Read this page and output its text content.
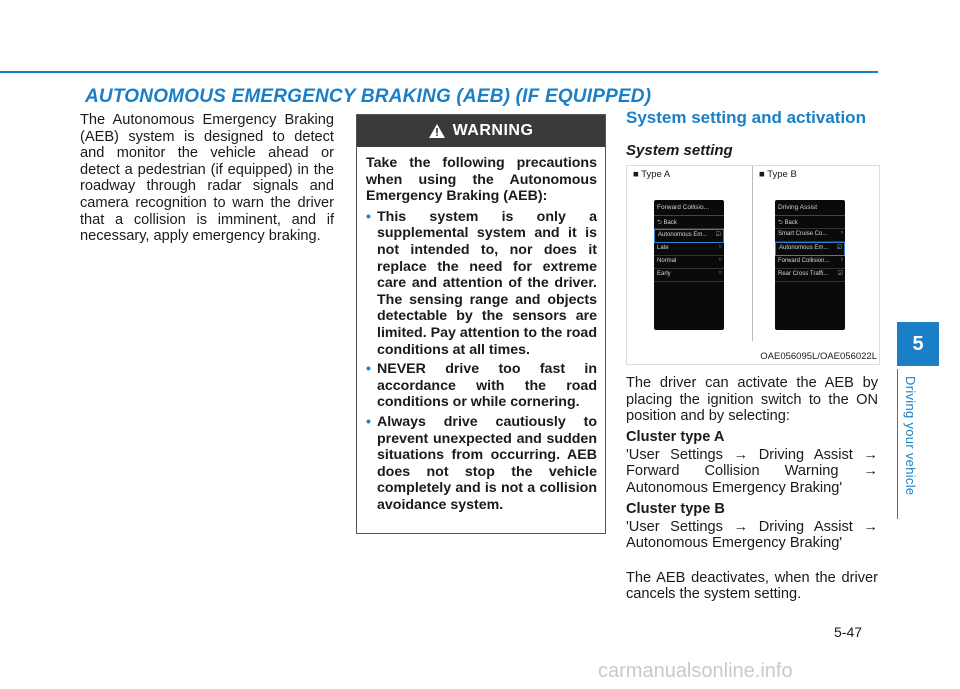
AUTONOMOUS EMERGENCY BRAKING (AEB) (IF EQUIPPED)
The Autonomous Emergency Braking (AEB) system is designed to detect and monitor the vehicle ahead or detect a pedestrian (if equipped) in the roadway through radar signals and camera recognition to warn the driver that a collision is imminent, and if necessary, apply emergency braking.
WARNING

Take the following precautions when using the Autonomous Emergency Braking (AEB):

• This system is only a supplemental system and it is not intended to, nor does it replace the need for extreme care and attention of the driver. The sensing range and objects detectable by the sensors are limited. Pay attention to the road conditions at all times.
• NEVER drive too fast in accordance with the road conditions or while cornering.
• Always drive cautiously to prevent unexpected and sudden situations from occurring. AEB does not stop the vehicle completely and is not a collision avoidance system.
System setting and activation
System setting
■ Type A	■ Type B
Forward Collisio...
⮌ Back
Autonomous Em... ☑
Late	○
Normal	○
Early	○
Driving Assist
⮌ Back
Smart Cruise Co... ›
Autonomous Em... ☑
Forward Collision... ›
Rear Cross Traffi... ☑
OAE056095L/OAE056022L

The driver can activate the AEB by placing the ignition switch to the ON position and by selecting:

Cluster type A
'User Settings → Driving Assist → Forward Collision Warning → Autonomous Emergency Braking'
Cluster type B
'User Settings → Driving Assist → Autonomous Emergency Braking'

The AEB deactivates, when the driver cancels the system setting.

5
Driving your vehicle
5-47
carmanualsonline.info
